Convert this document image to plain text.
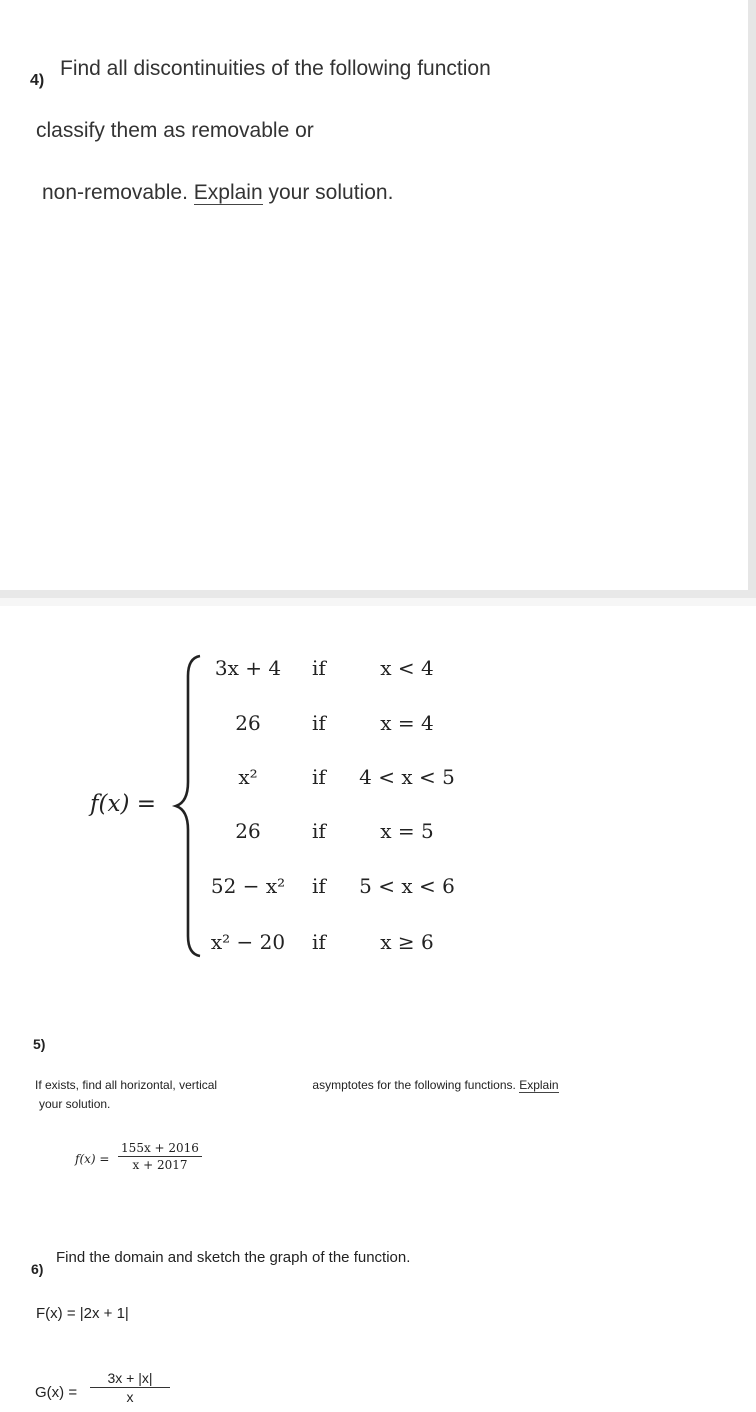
4)
Find all discontinuities of the following function
classify them as removable or
non-removable. Explain your solution.
f(x) =
3x + 4	if	x < 4
26	if	x = 4
x²	if	4 < x < 5
26	if	x = 5
52 − x²	if	5 < x < 6
x² − 20	if	x ≥ 6
5)
If exists, find all horizontal, vertical
your solution.
 asymptotes for the following functions. Explain
f(x) =
155x + 2016
x + 2017
6)
Find the domain and sketch the graph of the function.
F(x) = |2x + 1|
G(x) =
3x + |x|
x
